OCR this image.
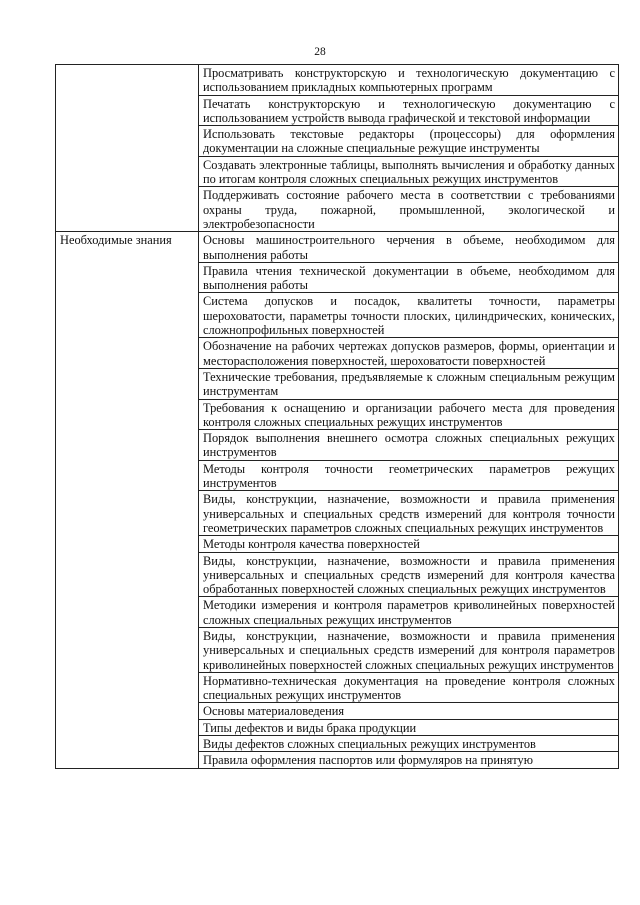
28
	Просматривать конструкторскую и технологическую документацию с использованием прикладных компьютерных программ
	Печатать конструкторскую и технологическую документацию с использованием устройств вывода графической и текстовой информации
	Использовать текстовые редакторы (процессоры) для оформления документации на сложные специальные режущие инструменты
	Создавать электронные таблицы, выполнять вычисления и обработку данных по итогам контроля сложных специальных режущих инструментов
	Поддерживать состояние рабочего места в соответствии с требованиями охраны труда, пожарной, промышленной, экологической и электробезопасности
Необходимые знания	Основы машиностроительного черчения в объеме, необходимом для выполнения работы
	Правила чтения технической документации в объеме, необходимом для выполнения работы
	Система допусков и посадок, квалитеты точности, параметры шероховатости, параметры точности плоских, цилиндрических, конических, сложнопрофильных поверхностей
	Обозначение на рабочих чертежах допусков размеров, формы, ориентации и месторасположения поверхностей, шероховатости поверхностей
	Технические требования, предъявляемые к сложным специальным режущим инструментам
	Требования к оснащению и организации рабочего места для проведения контроля сложных специальных режущих инструментов
	Порядок выполнения внешнего осмотра сложных специальных режущих инструментов
	Методы контроля точности геометрических параметров режущих инструментов
	Виды, конструкции, назначение, возможности и правила применения универсальных и специальных средств измерений для контроля точности геометрических параметров сложных специальных режущих инструментов
	Методы контроля качества поверхностей
	Виды, конструкции, назначение, возможности и правила применения универсальных и специальных средств измерений для контроля качества обработанных поверхностей сложных специальных режущих инструментов
	Методики измерения и контроля параметров криволинейных поверхностей сложных специальных режущих инструментов
	Виды, конструкции, назначение, возможности и правила применения универсальных и специальных средств измерений для контроля параметров криволинейных поверхностей сложных специальных режущих инструментов
	Нормативно-техническая документация на проведение контроля сложных специальных режущих инструментов
	Основы материаловедения
	Типы дефектов и виды брака продукции
	Виды дефектов сложных специальных режущих инструментов
	Правила оформления паспортов или формуляров на принятую
